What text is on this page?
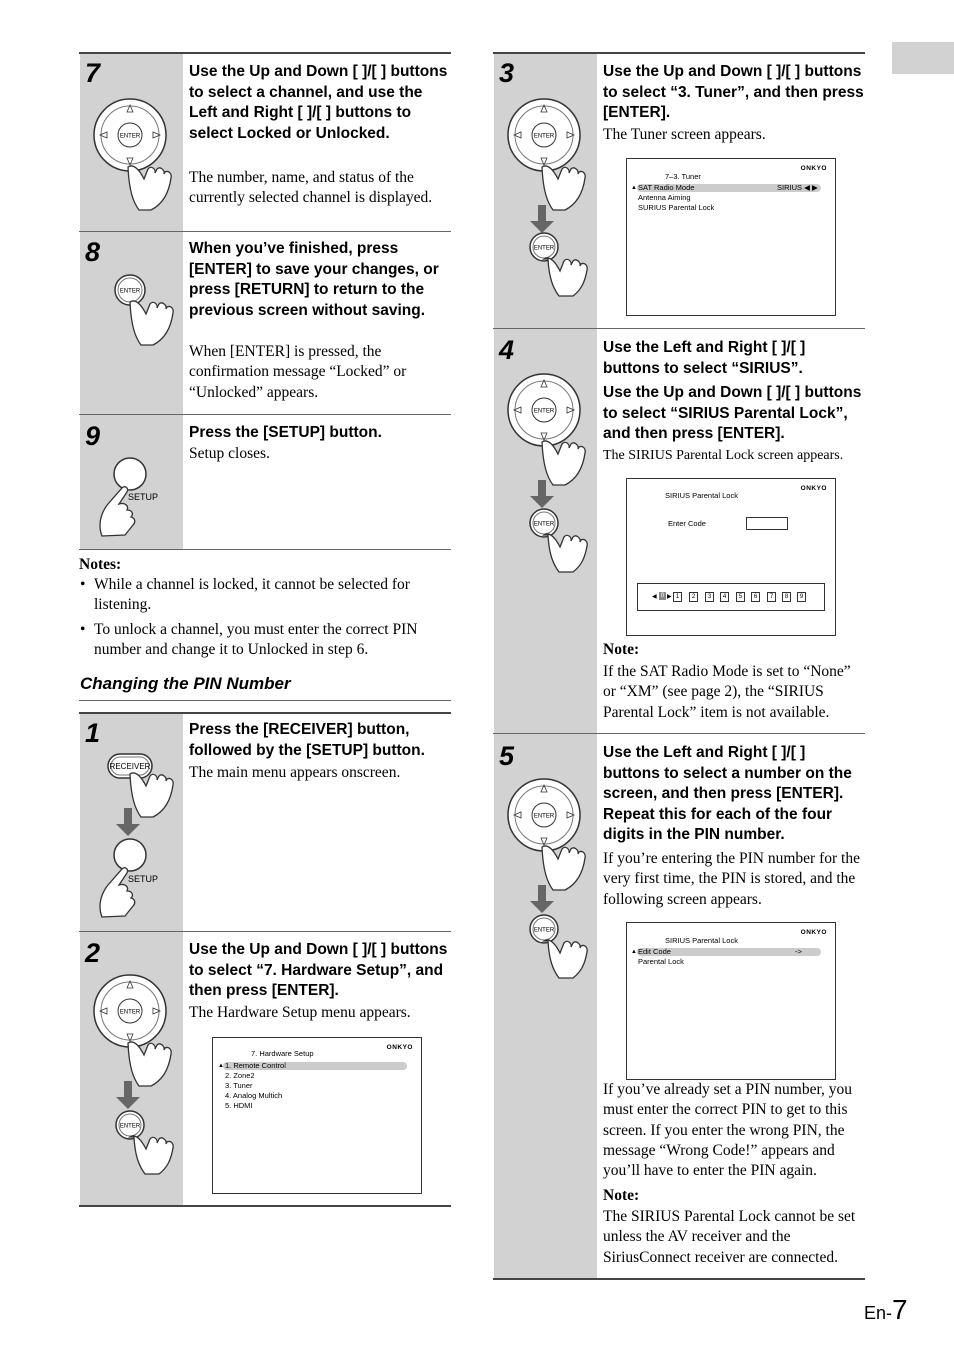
7
ENTER
Use the Up and Down [ ]/[ ] buttons to select a channel, and use the Left and Right [ ]/[ ] buttons to select Locked or Unlocked.
The number, name, and status of the currently selected channel is displayed.
8
ENTER
When you’ve finished, press [ENTER] to save your changes, or press [RETURN] to return to the previous screen without saving.
When [ENTER] is pressed, the confirmation message “Locked” or “Unlocked” appears.
9
SETUP
Press the [SETUP] button.
Setup closes.
Notes:
• While a channel is locked, it cannot be selected for listening.
• To unlock a channel, you must enter the correct PIN number and change it to Unlocked in step 6.
Changing the PIN Number
1
RECEIVER
SETUP
Press the [RECEIVER] button, followed by the [SETUP] button.
The main menu appears onscreen.
2
ENTER
ENTER
Use the Up and Down [ ]/[ ] buttons to select “7. Hardware Setup”, and then press [ENTER].
The Hardware Setup menu appears.
7. Hardware Setup
ONKYO
▲ 1. Remote Control
2. Zone2
3. Tuner
4. Analog Multich
5. HDMI
3
ENTER
ENTER
Use the Up and Down [ ]/[ ] buttons to select “3. Tuner”, and then press [ENTER].
The Tuner screen appears.
7–3. Tuner
ONKYO
▲ SAT Radio Mode	SIRIUS ◀ ▶
Antenna Aiming
SURIUS Parental Lock
4
ENTER
ENTER
Use the Left and Right [ ]/[ ] buttons to select “SIRIUS”.
Use the Up and Down [ ]/[ ] buttons to select “SIRIUS Parental Lock”, and then press [ENTER].
The SIRIUS Parental Lock screen appears.
SIRIUS Parental Lock
ONKYO
Enter Code
◀ 0 ▶ 1	2	3	4	5	6	7	8	9
Note:
If the SAT Radio Mode is set to “None” or “XM” (see page 2), the “SIRIUS Parental Lock” item is not available.
5
ENTER
ENTER
Use the Left and Right [ ]/[ ] buttons to select a number on the screen, and then press [ENTER]. Repeat this for each of the four digits in the PIN number.
If you’re entering the PIN number for the very first time, the PIN is stored, and the following screen appears.
SIRIUS Parental Lock
ONKYO
▲ Edit Code	->
Parental Lock
If you’ve already set a PIN number, you must enter the correct PIN to get to this screen. If you enter the wrong PIN, the message “Wrong Code!” appears and you’ll have to enter the PIN again.
Note:
The SIRIUS Parental Lock cannot be set unless the AV receiver and the SiriusConnect receiver are connected.
En-7
